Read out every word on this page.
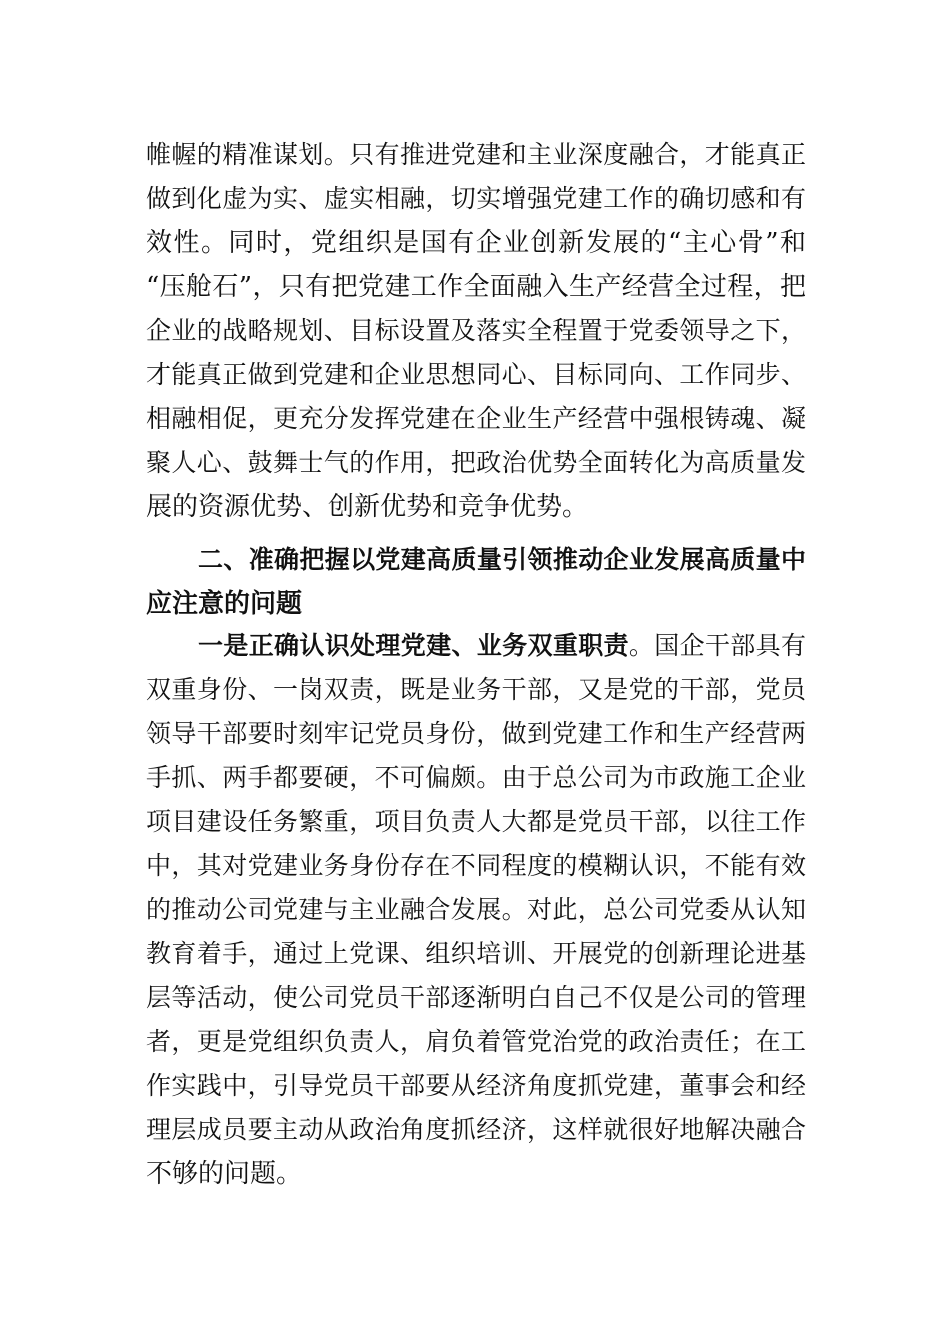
帷幄的精准谋划。只有推进党建和主业深度融合，才能真正
做到化虚为实、虚实相融，切实增强党建工作的确切感和有
效性。同时，党组织是国有企业创新发展的“主心骨”和
“压舱石”，只有把党建工作全面融入生产经营全过程，把
企业的战略规划、目标设置及落实全程置于党委领导之下，
才能真正做到党建和企业思想同心、目标同向、工作同步、
相融相促，更充分发挥党建在企业生产经营中强根铸魂、凝
聚人心、鼓舞士气的作用，把政治优势全面转化为高质量发
展的资源优势、创新优势和竞争优势。
二、准确把握以党建高质量引领推动企业发展高质量中
应注意的问题
一是正确认识处理党建、业务双重职责。国企干部具有
双重身份、一岗双责，既是业务干部，又是党的干部，党员
领导干部要时刻牢记党员身份，做到党建工作和生产经营两
手抓、两手都要硬，不可偏颇。由于总公司为市政施工企业
项目建设任务繁重，项目负责人大都是党员干部，以往工作
中，其对党建业务身份存在不同程度的模糊认识，不能有效
的推动公司党建与主业融合发展。对此，总公司党委从认知
教育着手，通过上党课、组织培训、开展党的创新理论进基
层等活动，使公司党员干部逐渐明白自己不仅是公司的管理
者，更是党组织负责人，肩负着管党治党的政治责任；在工
作实践中，引导党员干部要从经济角度抓党建，董事会和经
理层成员要主动从政治角度抓经济，这样就很好地解决融合
不够的问题。
